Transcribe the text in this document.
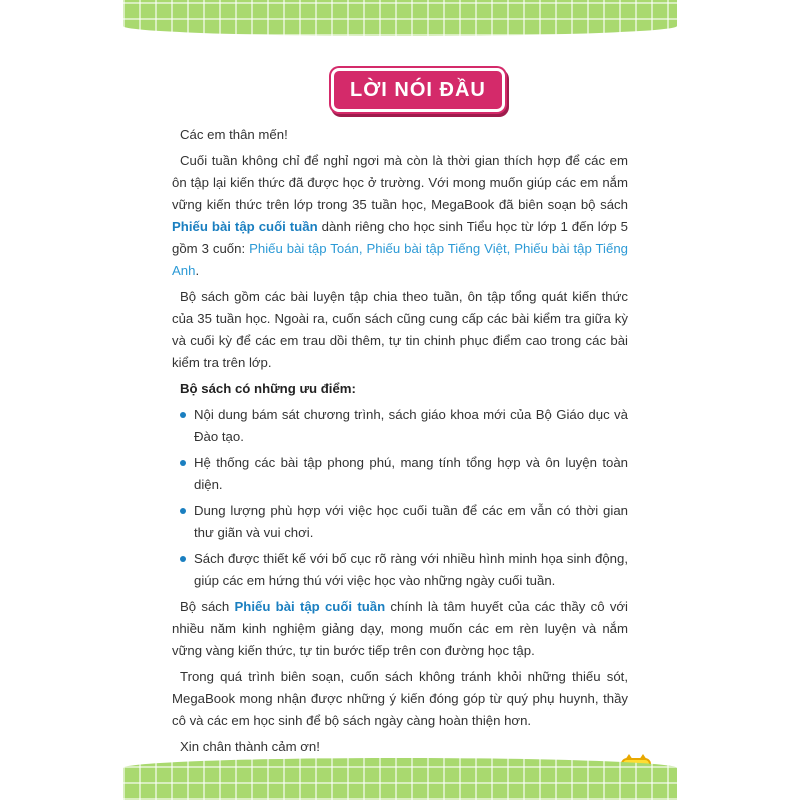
LỜI NÓI ĐẦU

Các em thân mến!

Cuối tuần không chỉ để nghỉ ngơi mà còn là thời gian thích hợp để các em ôn tập lại kiến thức đã được học ở trường. Với mong muốn giúp các em nắm vững kiến thức trên lớp trong 35 tuần học, MegaBook đã biên soạn bộ sách Phiếu bài tập cuối tuần dành riêng cho học sinh Tiểu học từ lớp 1 đến lớp 5 gồm 3 cuốn: Phiếu bài tập Toán, Phiếu bài tập Tiếng Việt, Phiếu bài tập Tiếng Anh.

Bộ sách gồm các bài luyện tập chia theo tuần, ôn tập tổng quát kiến thức của 35 tuần học. Ngoài ra, cuốn sách cũng cung cấp các bài kiểm tra giữa kỳ và cuối kỳ để các em trau dồi thêm, tự tin chinh phục điểm cao trong các bài kiểm tra trên lớp.

Bộ sách có những ưu điểm:

Nội dung bám sát chương trình, sách giáo khoa mới của Bộ Giáo dục và Đào tạo.
Hệ thống các bài tập phong phú, mang tính tổng hợp và ôn luyện toàn diện.
Dung lượng phù hợp với việc học cuối tuần để các em vẫn có thời gian thư giãn và vui chơi.
Sách được thiết kế với bố cục rõ ràng với nhiều hình minh họa sinh động, giúp các em hứng thú với việc học vào những ngày cuối tuần.

Bộ sách Phiếu bài tập cuối tuần chính là tâm huyết của các thầy cô với nhiều năm kinh nghiệm giảng dạy, mong muốn các em rèn luyện và nắm vững vàng kiến thức, tự tin bước tiếp trên con đường học tập.

Trong quá trình biên soạn, cuốn sách không tránh khỏi những thiếu sót, MegaBook mong nhận được những ý kiến đóng góp từ quý phụ huynh, thầy cô và các em học sinh để bộ sách ngày càng hoàn thiện hơn.

Xin chân thành cảm ơn!
